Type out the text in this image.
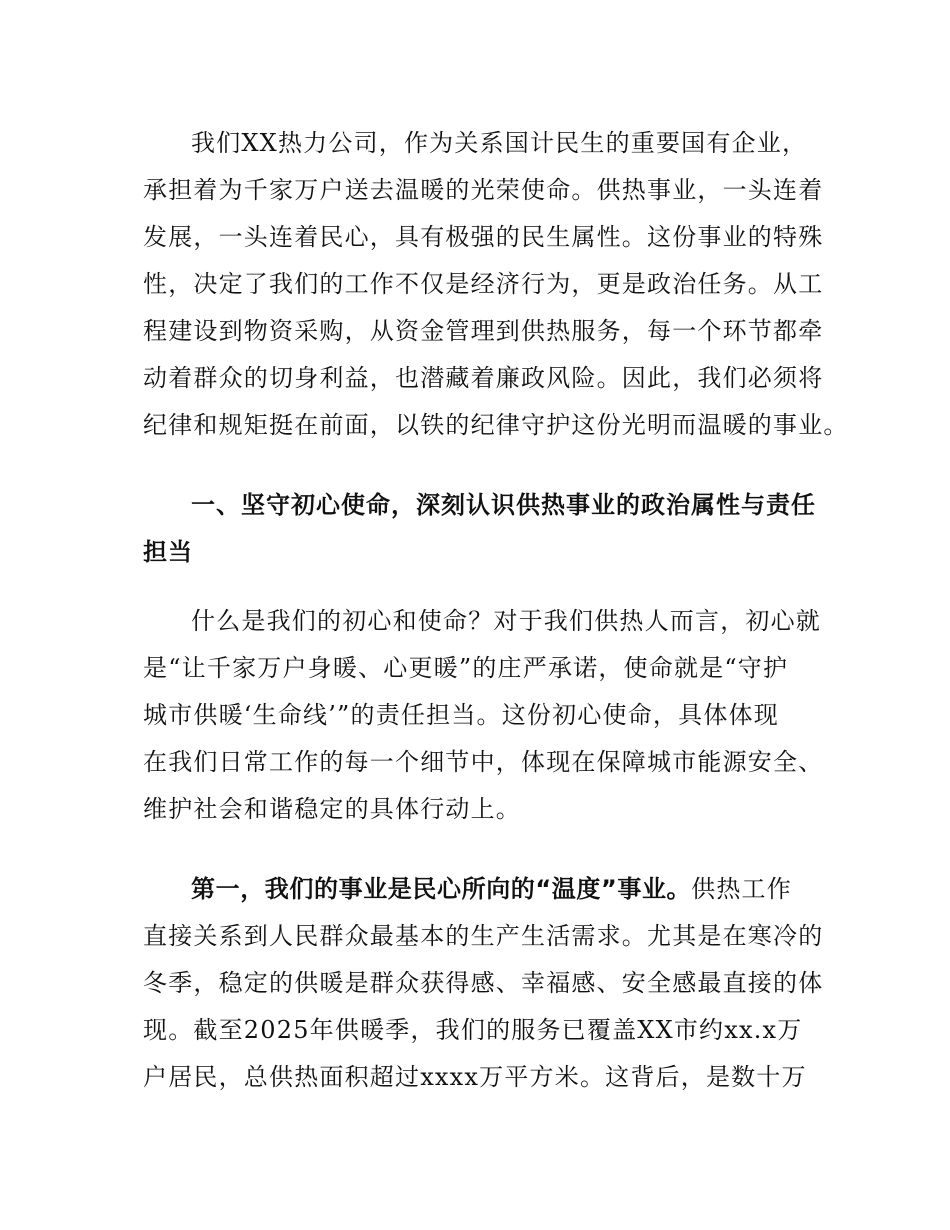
我们XX热力公司，作为关系国计民生的重要国有企业，
承担着为千家万户送去温暖的光荣使命。供热事业，一头连着
发展，一头连着民心，具有极强的民生属性。这份事业的特殊
性，决定了我们的工作不仅是经济行为，更是政治任务。从工
程建设到物资采购，从资金管理到供热服务，每一个环节都牵
动着群众的切身利益，也潜藏着廉政风险。因此，我们必须将
纪律和规矩挺在前面，以铁的纪律守护这份光明而温暖的事业。
一、坚守初心使命，深刻认识供热事业的政治属性与责任
担当
什么是我们的初心和使命？对于我们供热人而言，初心就
是“让千家万户身暖、心更暖”的庄严承诺，使命就是“守护
城市供暖‘生命线’”的责任担当。这份初心使命，具体体现
在我们日常工作的每一个细节中，体现在保障城市能源安全、
维护社会和谐稳定的具体行动上。
第一，我们的事业是民心所向的“温度”事业。供热工作
直接关系到人民群众最基本的生产生活需求。尤其是在寒冷的
冬季，稳定的供暖是群众获得感、幸福感、安全感最直接的体
现。截至2025年供暖季，我们的服务已覆盖XX市约xx.x万
户居民，总供热面积超过xxxx万平方米。这背后，是数十万
